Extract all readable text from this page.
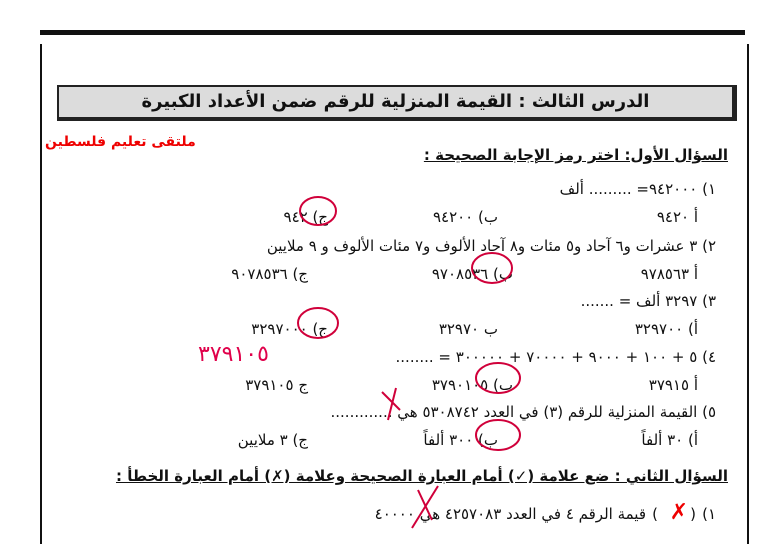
الدرس الثالث : القيمة المنزلية للرقم ضمن الأعداد الكبيرة
ملتقى تعليم فلسطين
السؤال الأول: اختر رمز الإجابة الصحيحة :
١) ٩٤٢٠٠٠= ......... ألف
أ ٩٤٢٠
ب) ٩٤٢٠٠
ج) ٩٤٢
٢) ٣ عشرات و٦ آحاد و٥ مئات و٨ آحاد الألوف و٧ مئات الألوف و ٩ ملايين
أ ٩٧٨٥٦٣
ب) ٩٧٠٨٥٣٦
ج) ٩٠٧٨٥٣٦
٣) ٣٢٩٧ ألف = .......
أ) ٣٢٩٧٠٠
ب ٣٢٩٧٠
ج) ٣٢٩٧٠٠٠
٤) ٥ + ١٠٠ + ٩٠٠٠ + ٧٠٠٠٠ + ٣٠٠٠٠٠ = ........
٣٧٩١٠٥
أ ٣٧٩١٥
ب) ٣٧٩٠١٠٥
ج ٣٧٩١٠٥
٥) القيمة المنزلية للرقم (٣) في العدد ٥٣٠٨٧٤٢ هي .............
أ) ٣٠ ألفاً
ب) ٣٠٠ ألفاً
ج) ٣ ملايين
السؤال الثاني : ضع علامة (✓) أمام العبارة الصحيحة وعلامة (✗) أمام العبارة الخطأ :
١)
(
✗
)
قيمة الرقم ٤ في العدد ٤٢٥٧٠٨٣ هي ٤٠٠٠٠
